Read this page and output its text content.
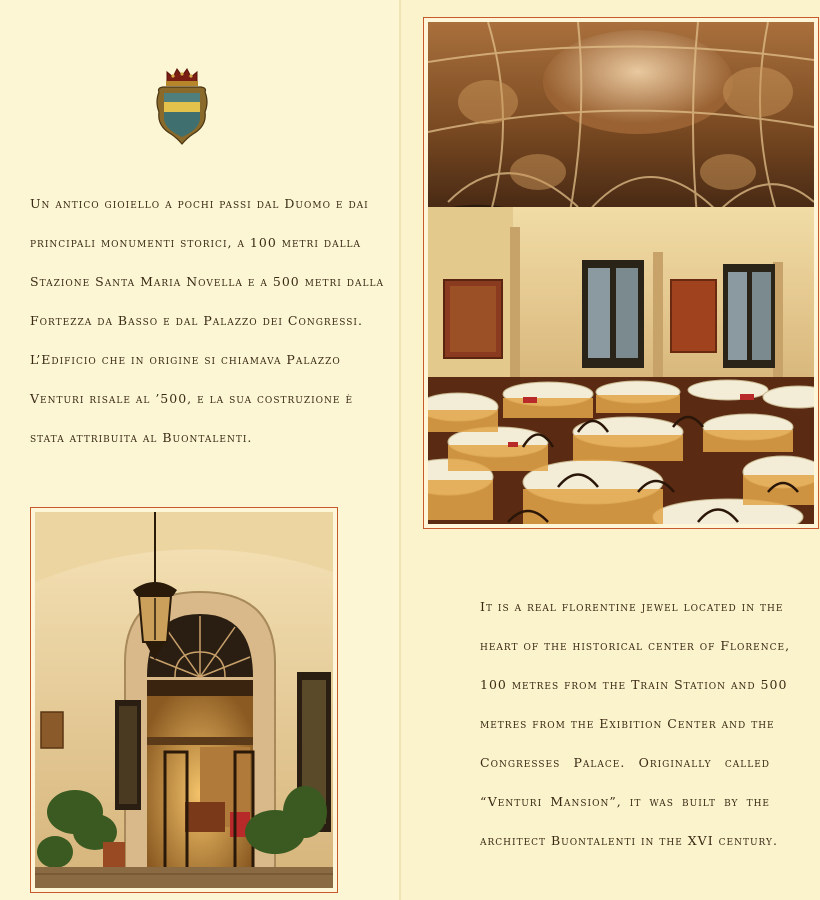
Un antico gioiello a pochi passi dal Duomo e dai
principali monumenti storici, a 100 metri dalla
Stazione Santa Maria Novella e a 500 metri dalla
Fortezza da Basso e dal Palazzo dei Congressi.
L’Edificio che in origine si chiamava Palazzo
Venturi risale al ’500, e la sua costruzione è
stata attribuita al Buontalenti.
It is a real florentine jewel located in the
heart of the historical center of Florence,
100 metres from the Train Station and 500
metres from the Exibition Center and the
Congresses Palace. Originally called
“Venturi Mansion”, it was built by the
architect Buontalenti in the XVI century.
